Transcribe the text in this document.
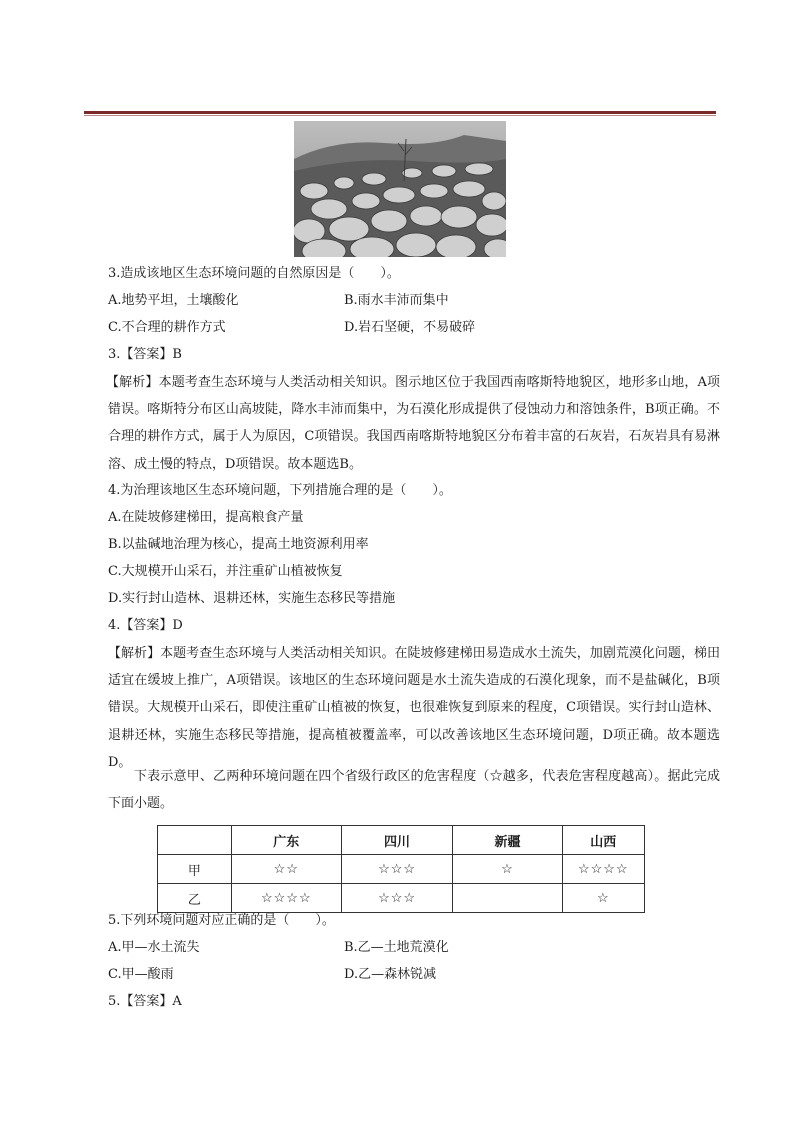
3.造成该地区生态环境问题的自然原因是（　　）。
A.地势平坦，土壤酸化	B.雨水丰沛而集中
C.不合理的耕作方式	D.岩石坚硬，不易破碎
3.【答案】B
【解析】本题考查生态环境与人类活动相关知识。图示地区位于我国西南喀斯特地貌区，地形多山地，A项错误。喀斯特分布区山高坡陡，降水丰沛而集中，为石漠化形成提供了侵蚀动力和溶蚀条件，B项正确。不合理的耕作方式，属于人为原因，C项错误。我国西南喀斯特地貌区分布着丰富的石灰岩，石灰岩具有易淋溶、成土慢的特点，D项错误。故本题选B。
4.为治理该地区生态环境问题，下列措施合理的是（　　）。
A.在陡坡修建梯田，提高粮食产量
B.以盐碱地治理为核心，提高土地资源利用率
C.大规模开山采石，并注重矿山植被恢复
D.实行封山造林、退耕还林，实施生态移民等措施
4.【答案】D
【解析】本题考查生态环境与人类活动相关知识。在陡坡修建梯田易造成水土流失，加剧荒漠化问题，梯田适宜在缓坡上推广，A项错误。该地区的生态环境问题是水土流失造成的石漠化现象，而不是盐碱化，B项错误。大规模开山采石，即使注重矿山植被的恢复，也很难恢复到原来的程度，C项错误。实行封山造林、退耕还林，实施生态移民等措施，提高植被覆盖率，可以改善该地区生态环境问题，D项正确。故本题选D。
下表示意甲、乙两种环境问题在四个省级行政区的危害程度（☆越多，代表危害程度越高）。据此完成下面小题。
	广东	四川	新疆	山西
甲	☆☆	☆☆☆	☆	☆☆☆☆
乙	☆☆☆☆	☆☆☆		☆
5.下列环境问题对应正确的是（　　）。
A.甲—水土流失	B.乙—土地荒漠化
C.甲—酸雨	D.乙—森林锐减
5.【答案】A
